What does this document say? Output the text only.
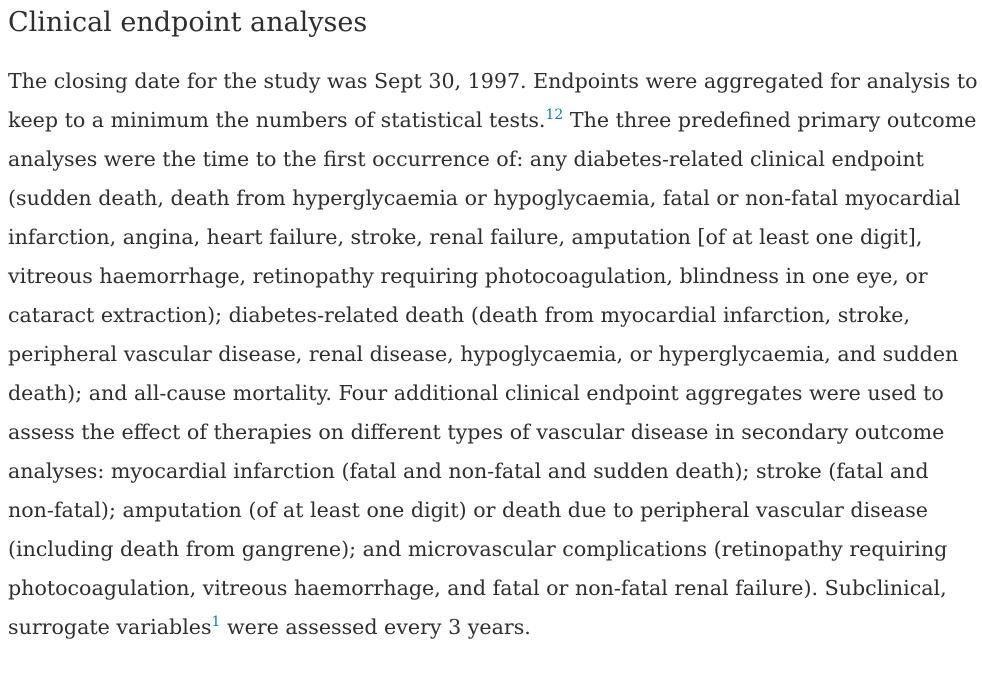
Clinical endpoint analyses

The closing date for the study was Sept 30, 1997. Endpoints were aggregated for analysis to keep to a minimum the numbers of statistical tests.$^{12}$ The three predefined primary outcome analyses were the time to the first occurrence of: any diabetes-related clinical endpoint (sudden death, death from hyperglycaemia or hypoglycaemia, fatal or non-fatal myocardial infarction, angina, heart failure, stroke, renal failure, amputation [of at least one digit], vitreous haemorrhage, retinopathy requiring photocoagulation, blindness in one eye, or cataract extraction); diabetes-related death (death from myocardial infarction, stroke, peripheral vascular disease, renal disease, hypoglycaemia, or hyperglycaemia, and sudden death); and all-cause mortality. Four additional clinical endpoint aggregates were used to assess the effect of therapies on different types of vascular disease in secondary outcome analyses: myocardial infarction (fatal and non-fatal and sudden death); stroke (fatal and non-fatal); amputation (of at least one digit) or death due to peripheral vascular disease (including death from gangrene); and microvascular complications (retinopathy requiring photocoagulation, vitreous haemorrhage, and fatal or non-fatal renal failure). Subclinical, surrogate variables$^1$ were assessed every 3 years.
